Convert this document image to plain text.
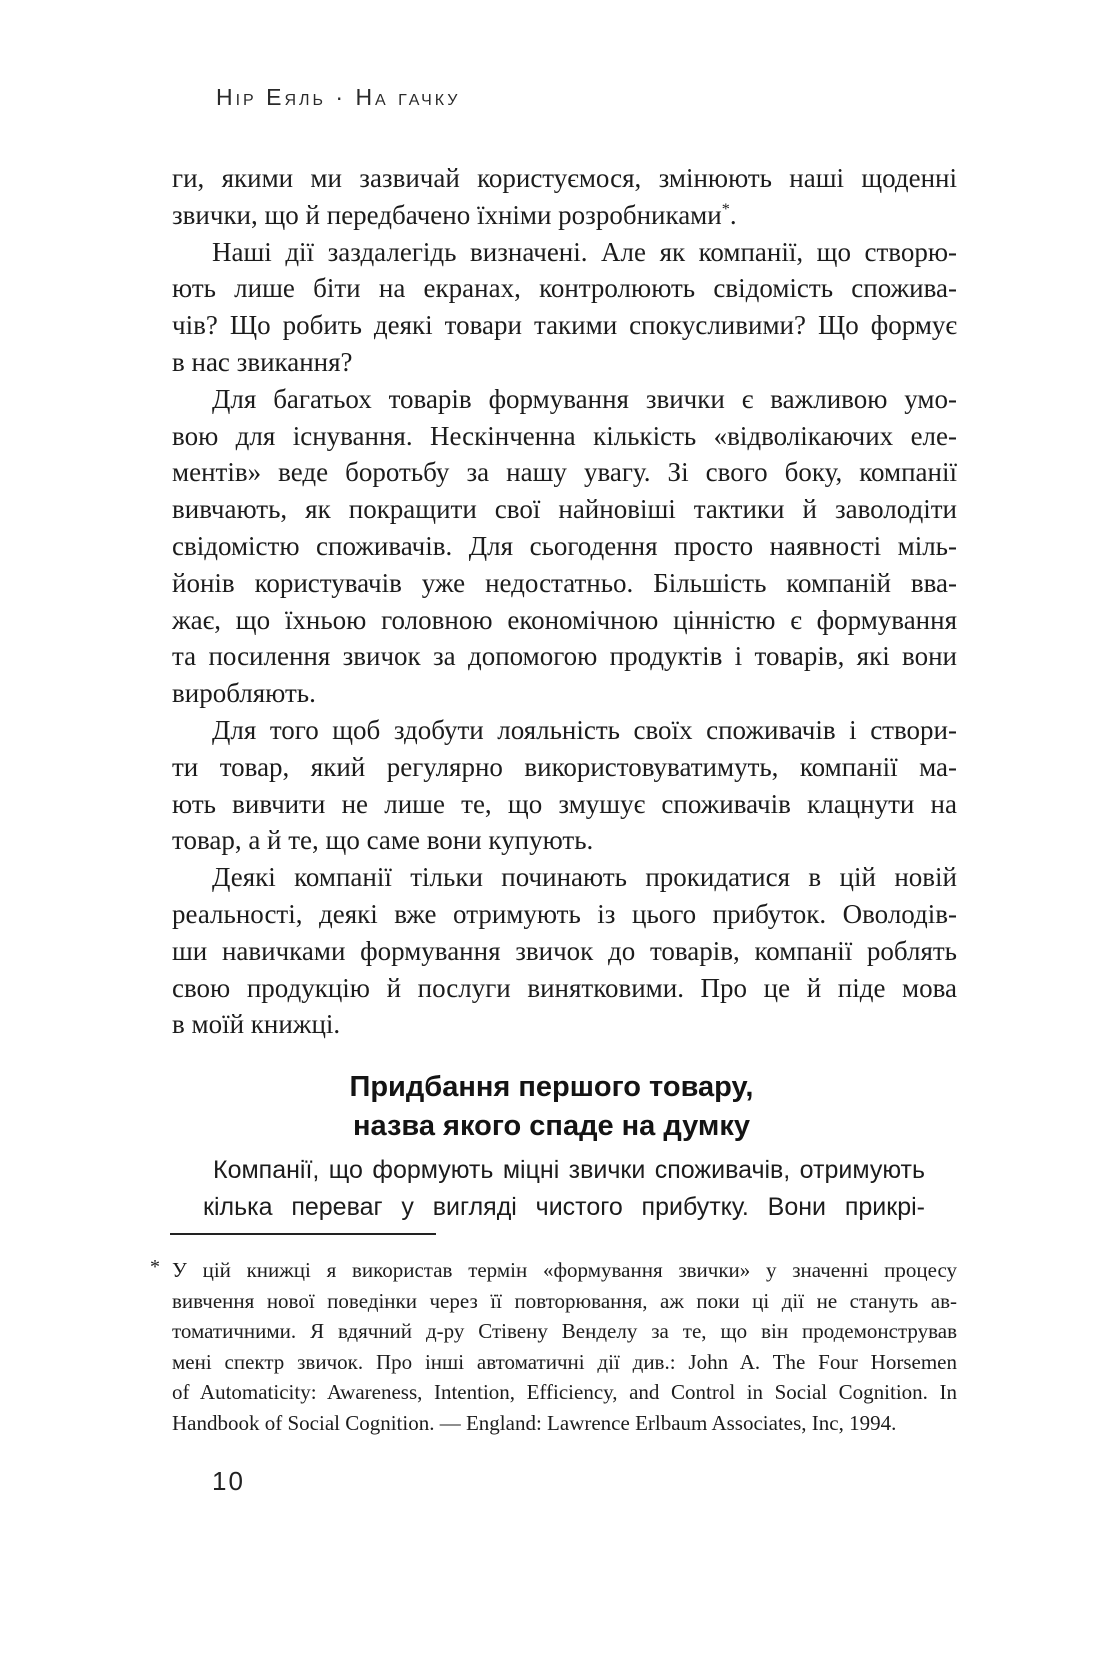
Нір Еяль · На гачку
ги, якими ми зазвичай користуємося, змінюють наші щоденні
звички, що й передбачено їхніми розробниками*.
Наші дії заздалегідь визначені. Але як компанії, що створю-
ють лише біти на екранах, контролюють свідомість спожива-
чів? Що робить деякі товари такими спокусливими? Що формує
в нас звикання?
Для багатьох товарів формування звички є важливою умо-
вою для існування. Нескінченна кількість «відволікаючих еле-
ментів» веде боротьбу за нашу увагу. Зі свого боку, компанії
вивчають, як покращити свої найновіші тактики й заволодіти
свідомістю споживачів. Для сьогодення просто наявності міль-
йонів користувачів уже недостатньо. Більшість компаній вва-
жає, що їхньою головною економічною цінністю є формування
та посилення звичок за допомогою продуктів і товарів, які вони
виробляють.
Для того щоб здобути лояльність своїх споживачів і створи-
ти товар, який регулярно використовуватимуть, компанії ма-
ють вивчити не лише те, що змушує споживачів клацнути на
товар, а й те, що саме вони купують.
Деякі компанії тільки починають прокидатися в цій новій
реальності, деякі вже отримують із цього прибуток. Оволодів-
ши навичками формування звичок до товарів, компанії роблять
свою продукцію й послуги винятковими. Про це й піде мова
в моїй книжці.
Придбання першого товару,
назва якого спаде на думку
Компанії, що формують міцні звички споживачів, отримують
кілька переваг у вигляді чистого прибутку. Вони прикрі-
* У цій книжці я використав термін «формування звички» у значенні процесу
вивчення нової поведінки через її повторювання, аж поки ці дії не стануть ав-
томатичними. Я вдячний д-ру Стівену Венделу за те, що він продемонстрував
мені спектр звичок. Про інші автоматичні дії див.: John A. The Four Horsemen
of Automaticity: Awareness, Intention, Efficiency, and Control in Social Cognition. In
Handbook of Social Cognition. — England: Lawrence Erlbaum Associates, Inc, 1994.
10
